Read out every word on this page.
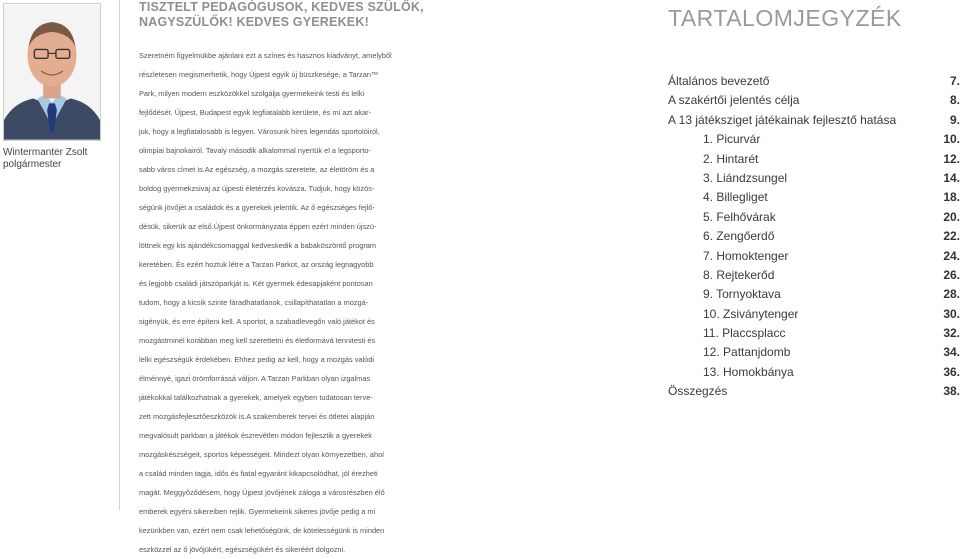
Wintermanter Zsolt
polgármester
TISZTELT PEDAGÓGUSOK, KEDVES SZÜLŐK,
NAGYSZÜLŐK! KEDVES GYEREKEK!
Szeretném figyelmükbe ajánlani ezt a színes és hasznos kiadványt, amelyből
részletesen megismerhetik, hogy Újpest egyik új büszkesége, a Tarzan™
Park, milyen modern eszközökkel szolgálja gyermekeink testi és lelki
fejlődését. Újpest, Budapest egyik legfiatalabb kerülete, és mi azt akar-
juk, hogy a legfiatalosabb is legyen. Városunk híres legendás sportolóiról,
olimpiai bajnokairól. Tavaly második alkalommal nyertük el a legsporto-
sabb város címet is.Az egészség, a mozgás szeretete, az életöröm és a
boldog gyermekzsivaj az újpesti életérzés kovásza. Tudjuk, hogy közös-
ségünk jövőjét a családok és a gyerekek jelentik. Az ő egészséges fejlő-
désük, sikerük az első.Újpest önkormányzata éppen ezért minden újszü-
löttnek egy kis ajándékcsomaggal kedveskedik a babaköszöntő program
keretében. És ezért hoztuk létre a Tarzan Parkot, az ország legnagyobb
és legjobb családi játszóparkját is. Két gyermek édesapjaként pontosan
tudom, hogy a kicsik szinte fáradhatatlanok, csillapíthatatlan a mozgá-
sigényük, és erre építeni kell. A sportot, a szabadlevegőn való játékot és
mozgástminél korábban meg kell szerettetni és életformává tennitesti és
lelki egészségük érdekében. Ehhez pedig az kell, hogy a mozgás valódi
élménnyé, igazi örömforrássá váljon. A Tarzan Parkban olyan izgalmas
játékokkal találkozhatnak a gyerekek, amelyek egyben tudatosan terve-
zett mozgásfejlesztőeszközök is.A szakemberek tervei és ötletei alapján
megvalósult parkban a játékok észrevétlen módon fejlesztik a gyerekek
mozgáskészségeit, sportos képességeit. Mindezt olyan környezetben, ahol
a család minden tagja, idős és fiatal egyaránt kikapcsolódhat, jól érezheti
magát. Meggyőződésem, hogy Újpest jövőjének záloga a városrészben élő
emberek egyéni sikereiben rejlik. Gyermekeink sikeres jövője pedig a mi
kezünkben van, ezért nem csak lehetőségünk, de kötelességünk is minden
eszközzel az ő jövőjükért, egészségükért és sikeréért dolgozni.
TARTALOMJEGYZÉK
Általános bevezető	7.
A szakértői jelentés célja	8.
A 13 játéksziget játékainak fejlesztő hatása	9.
1. Picurvár	10.
2. Hintarét	12.
3. Liándzsungel	14.
4. Billegliget	18.
5. Felhővárak	20.
6. Zengőerdő	22.
7. Homoktenger	24.
8. Rejtekerőd	26.
9. Tornyoktava	28.
10. Zsiványtenger	30.
11. Placcsplacc	32.
12. Pattanjdomb	34.
13. Homokbánya	36.
Összegzés	38.
